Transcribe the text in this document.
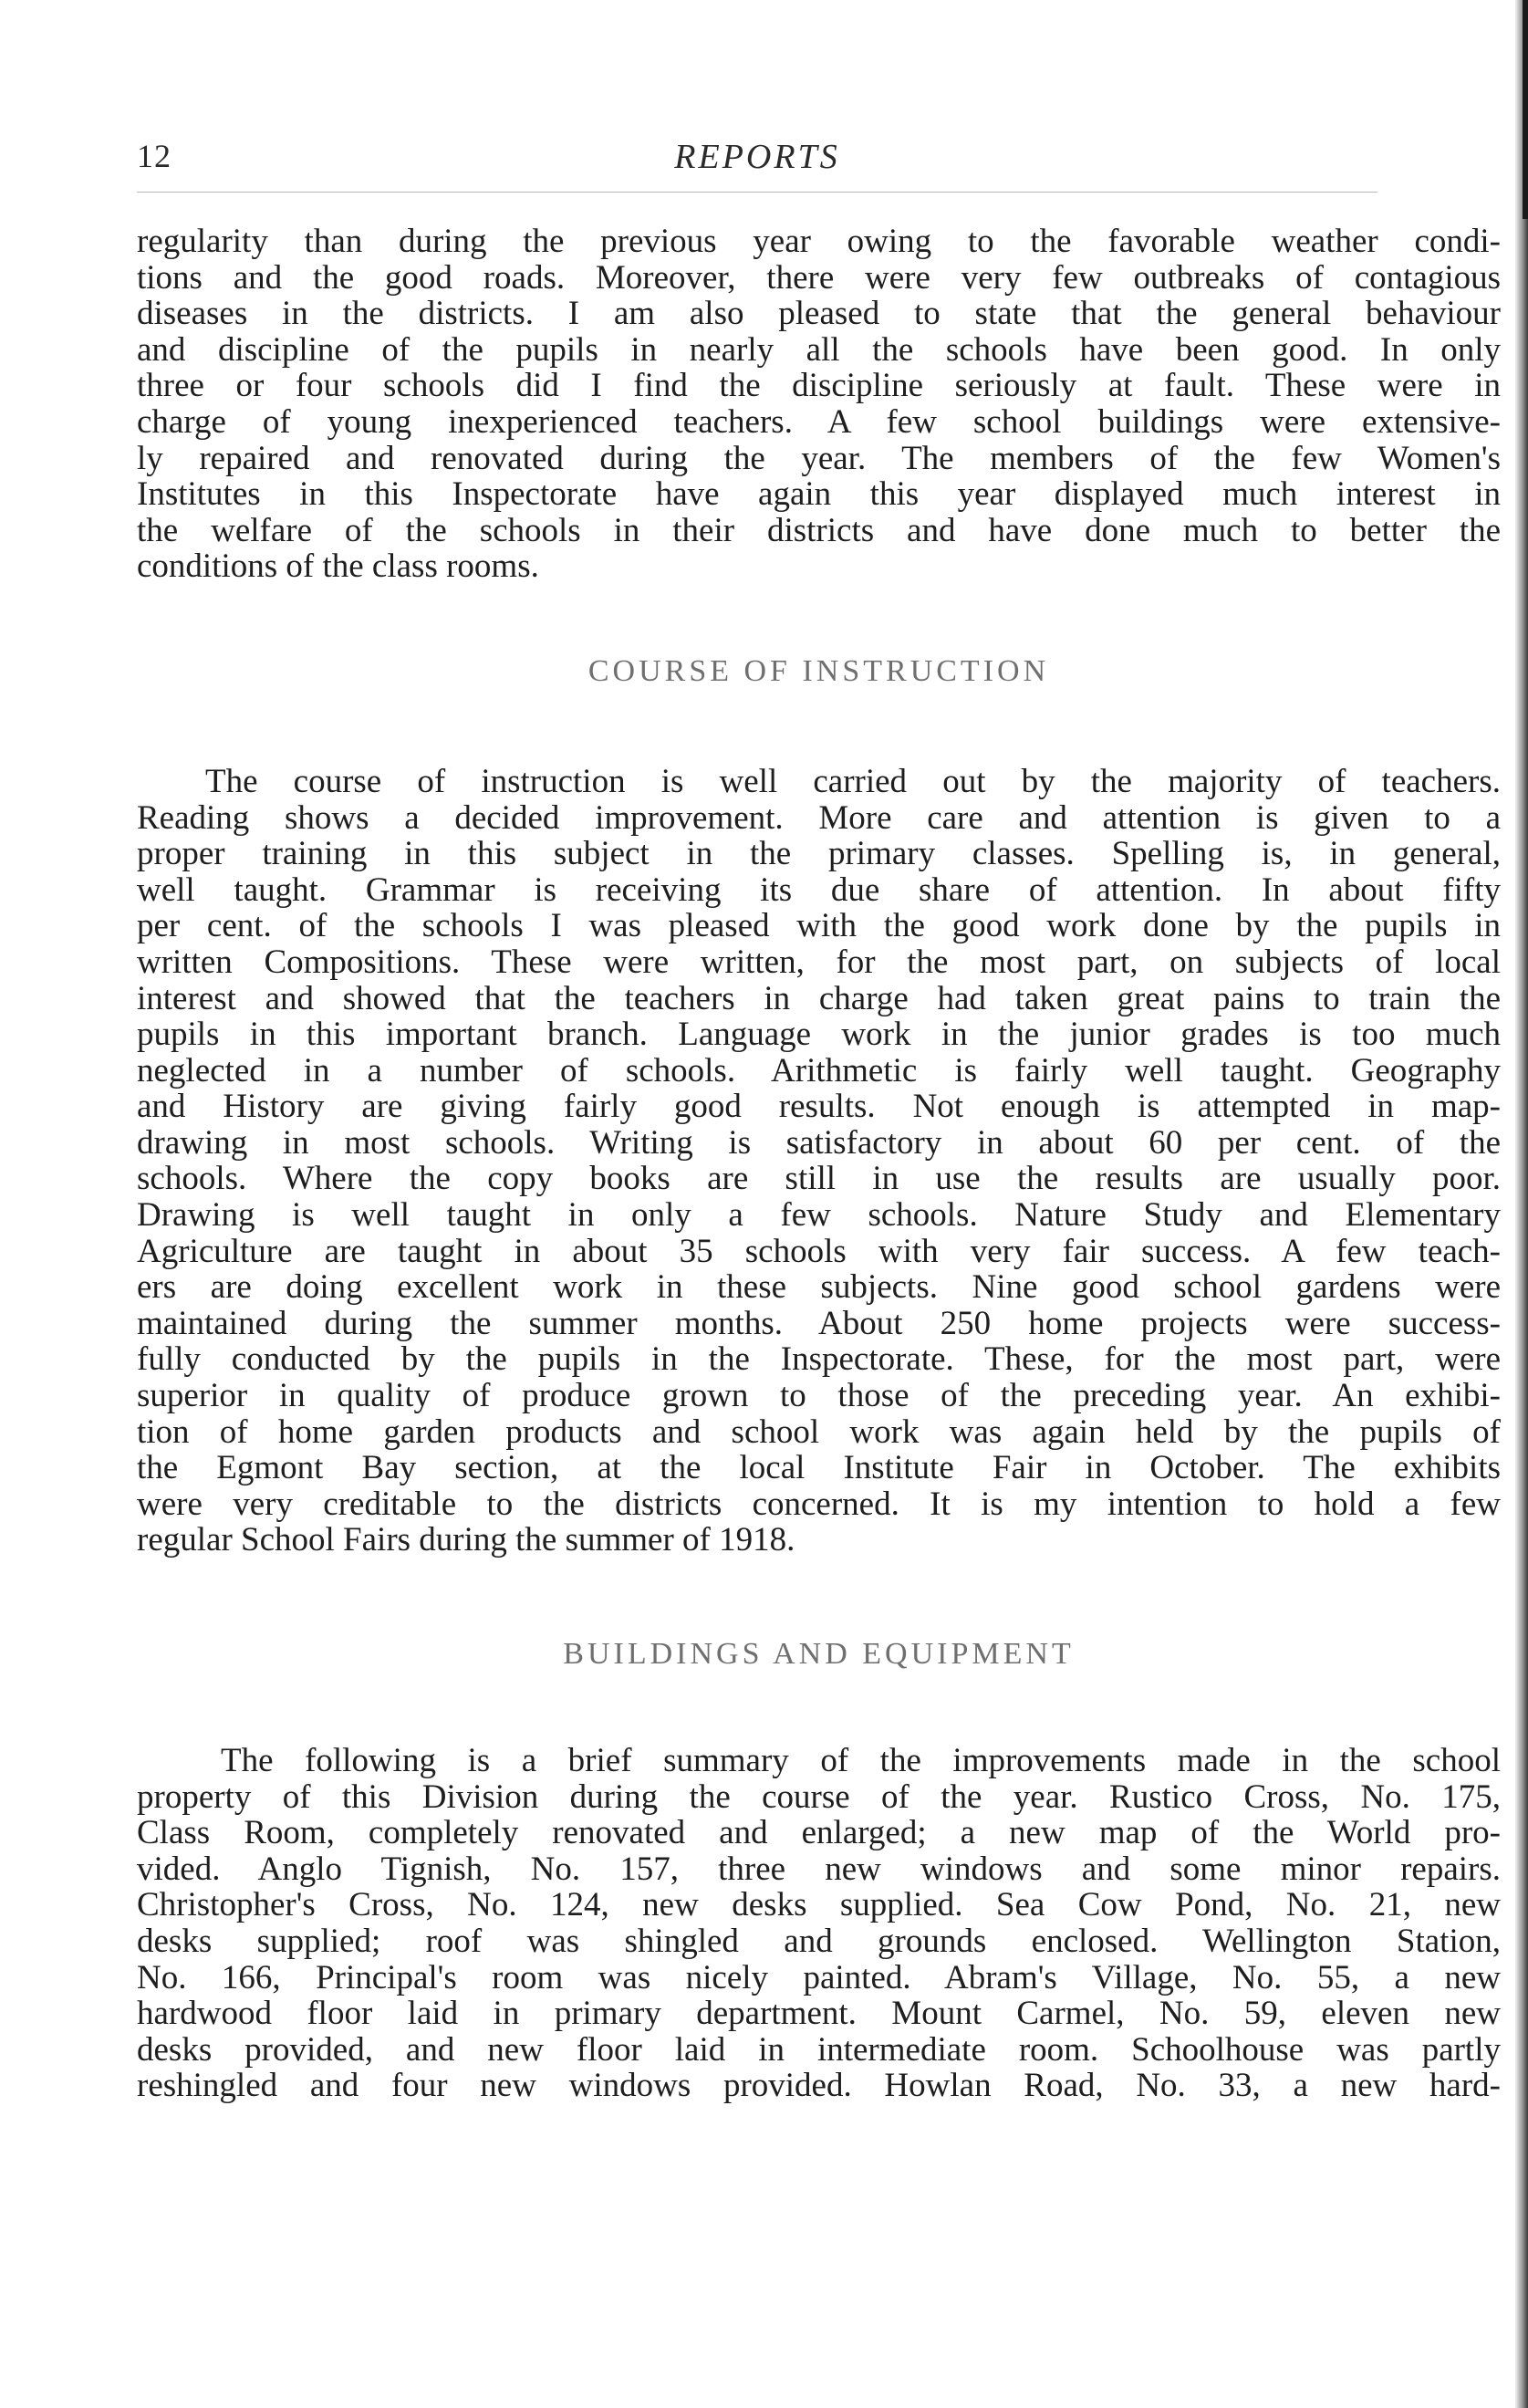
12	REPORTS

regularity than during the previous year owing to the favorable weather condi-
tions and the good roads. Moreover, there were very few outbreaks of contagious
diseases in the districts. I am also pleased to state that the general behaviour
and discipline of the pupils in nearly all the schools have been good. In only
three or four schools did I find the discipline seriously at fault. These were in
charge of young inexperienced teachers. A few school buildings were extensive-
ly repaired and renovated during the year. The members of the few Women's
Institutes in this Inspectorate have again this year displayed much interest in
the welfare of the schools in their districts and have done much to better the
conditions of the class rooms.

COURSE OF INSTRUCTION

The course of instruction is well carried out by the majority of teachers.
Reading shows a decided improvement. More care and attention is given to a
proper training in this subject in the primary classes. Spelling is, in general,
well taught. Grammar is receiving its due share of attention. In about fifty
per cent. of the schools I was pleased with the good work done by the pupils in
written Compositions. These were written, for the most part, on subjects of local
interest and showed that the teachers in charge had taken great pains to train the
pupils in this important branch. Language work in the junior grades is too much
neglected in a number of schools. Arithmetic is fairly well taught. Geography
and History are giving fairly good results. Not enough is attempted in map-
drawing in most schools. Writing is satisfactory in about 60 per cent. of the
schools. Where the copy books are still in use the results are usually poor.
Drawing is well taught in only a few schools. Nature Study and Elementary
Agriculture are taught in about 35 schools with very fair success. A few teach-
ers are doing excellent work in these subjects. Nine good school gardens were
maintained during the summer months. About 250 home projects were success-
fully conducted by the pupils in the Inspectorate. These, for the most part, were
superior in quality of produce grown to those of the preceding year. An exhibi-
tion of home garden products and school work was again held by the pupils of
the Egmont Bay section, at the local Institute Fair in October. The exhibits
were very creditable to the districts concerned. It is my intention to hold a few
regular School Fairs during the summer of 1918.

BUILDINGS AND EQUIPMENT

The following is a brief summary of the improvements made in the school
property of this Division during the course of the year. Rustico Cross, No. 175,
Class Room, completely renovated and enlarged; a new map of the World pro-
vided. Anglo Tignish, No. 157, three new windows and some minor repairs.
Christopher's Cross, No. 124, new desks supplied. Sea Cow Pond, No. 21, new
desks supplied; roof was shingled and grounds enclosed. Wellington Station,
No. 166, Principal's room was nicely painted. Abram's Village, No. 55, a new
hardwood floor laid in primary department. Mount Carmel, No. 59, eleven new
desks provided, and new floor laid in intermediate room. Schoolhouse was partly
reshingled and four new windows provided. Howlan Road, No. 33, a new hard-
